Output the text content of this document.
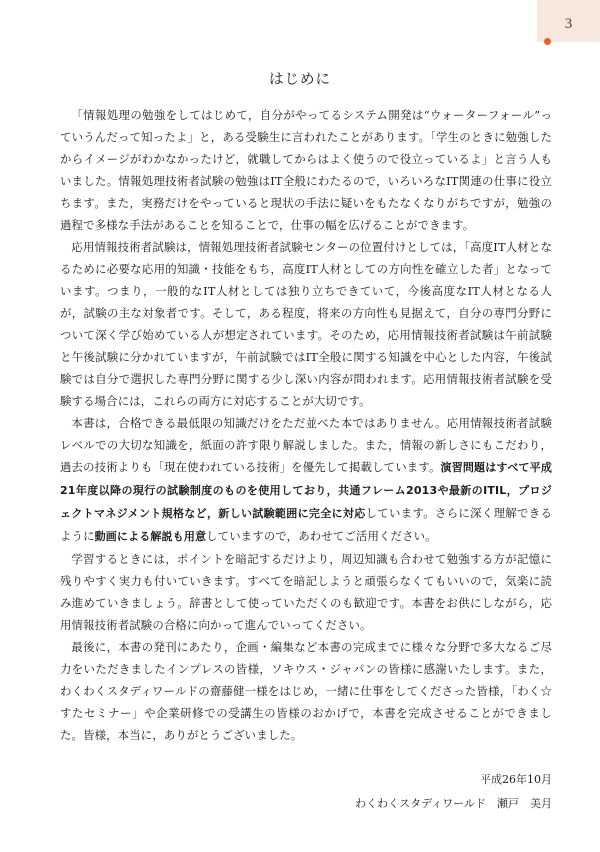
3
はじめに

「情報処理の勉強をしてはじめて，自分がやってるシステム開発は“ウォーターフォール”っていうんだって知ったよ」と，ある受験生に言われたことがあります。「学生のときに勉強したからイメージがわかなかったけど，就職してからはよく使うので役立っているよ」と言う人もいました。情報処理技術者試験の勉強はIT全般にわたるので，いろいろなIT関連の仕事に役立ちます。また，実務だけをやっていると現状の手法に疑いをもたなくなりがちですが，勉強の過程で多様な手法があることを知ることで，仕事の幅を広げることができます。

応用情報技術者試験は，情報処理技術者試験センターの位置付けとしては，「高度IT人材となるために必要な応用的知識・技能をもち，高度IT人材としての方向性を確立した者」となっています。つまり，一般的なIT人材としては独り立ちできていて，今後高度なIT人材となる人が，試験の主な対象者です。そして，ある程度，将来の方向性も見据えて，自分の専門分野について深く学び始めている人が想定されています。そのため，応用情報技術者試験は午前試験と午後試験に分かれていますが，午前試験ではIT全般に関する知識を中心とした内容，午後試験では自分で選択した専門分野に関する少し深い内容が問われます。応用情報技術者試験を受験する場合には，これらの両方に対応することが大切です。

本書は，合格できる最低限の知識だけをただ並べた本ではありません。応用情報技術者試験レベルでの大切な知識を，紙面の許す限り解説しました。また，情報の新しさにもこだわり，過去の技術よりも「現在使われている技術」を優先して掲載しています。演習問題はすべて平成21年度以降の現行の試験制度のものを使用しており，共通フレーム2013や最新のITIL，プロジェクトマネジメント規格など，新しい試験範囲に完全に対応しています。さらに深く理解できるように動画による解説も用意していますので，あわせてご活用ください。

学習するときには，ポイントを暗記するだけより，周辺知識も合わせて勉強する方が記憶に残りやすく実力も付いていきます。すべてを暗記しようと頑張らなくてもいいので，気楽に読み進めていきましょう。辞書として使っていただくのも歓迎です。本書をお供にしながら，応用情報技術者試験の合格に向かって進んでいってください。

最後に，本書の発刊にあたり，企画・編集など本書の完成までに様々な分野で多大なるご尽力をいただきましたインプレスの皆様，ソキウス・ジャパンの皆様に感謝いたします。また，わくわくスタディワールドの齋藤健一様をはじめ，一緒に仕事をしてくださった皆様，「わく☆すたセミナー」や企業研修での受講生の皆様のおかげで，本書を完成させることができました。皆様，本当に，ありがとうございました。

平成26年10月
わくわくスタディワールド　瀬戸　美月
